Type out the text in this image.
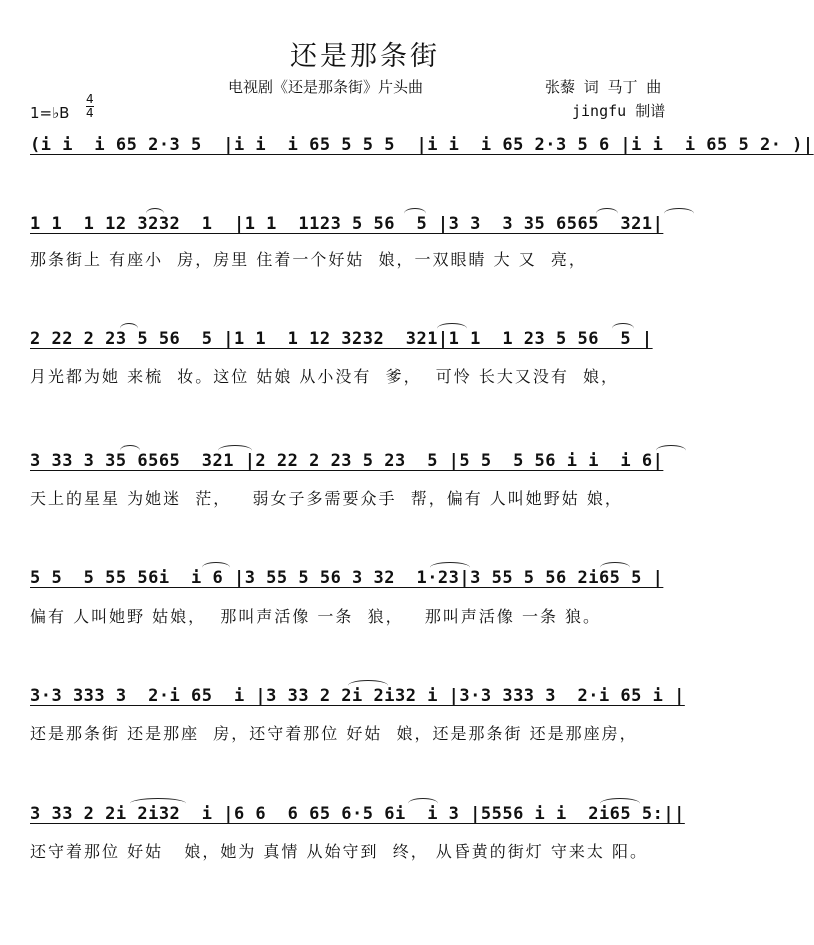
还是那条街
电视剧《还是那条街》片头曲	张藜 词 马丁 曲
jingfu 制谱
1=♭B
4
4
(i i  i 65 2·3 5  |i i  i 65 5 5 5  |i i  i 65 2·3 5 6 |i i  i 65 5 2· )|
1 1  1 12 3232  1  |1 1  1123 5 56  5 |3 3  3 35 6565  321|
那条街上 有座小  房，房里 住着一个好姑  娘，一双眼睛 大 又  亮，
2 22 2 23 5 56  5 |1 1  1 12 3232  321|1 1  1 23 5 56  5 |
月光都为她 来梳  妆。这位 姑娘 从小没有  爹，  可怜 长大又没有  娘，
3 33 3 35 6565  321 |2 22 2 23 5 23  5 |5 5  5 56 i i  i 6|
天上的星星 为她迷  茫，   弱女子多需要众手  帮，偏有 人叫她野姑 娘，
5 5  5 55 56i  i 6 |3 55 5 56 3 32  1·23|3 55 5 56 2i65 5 |
偏有 人叫她野 姑娘，  那叫声活像 一条  狼，   那叫声活像 一条 狼。
3·3 333 3  2·i 65  i |3 33 2 2i 2i32 i |3·3 333 3  2·i 65 i |
还是那条街 还是那座  房，还守着那位 好姑  娘，还是那条街 还是那座房，
3 33 2 2i 2i32  i |6 6  6 65 6·5 6i  i 3 |5556 i i  2i65 5:||
还守着那位 好姑   娘，她为 真情 从始守到  终， 从昏黄的街灯 守来太 阳。
